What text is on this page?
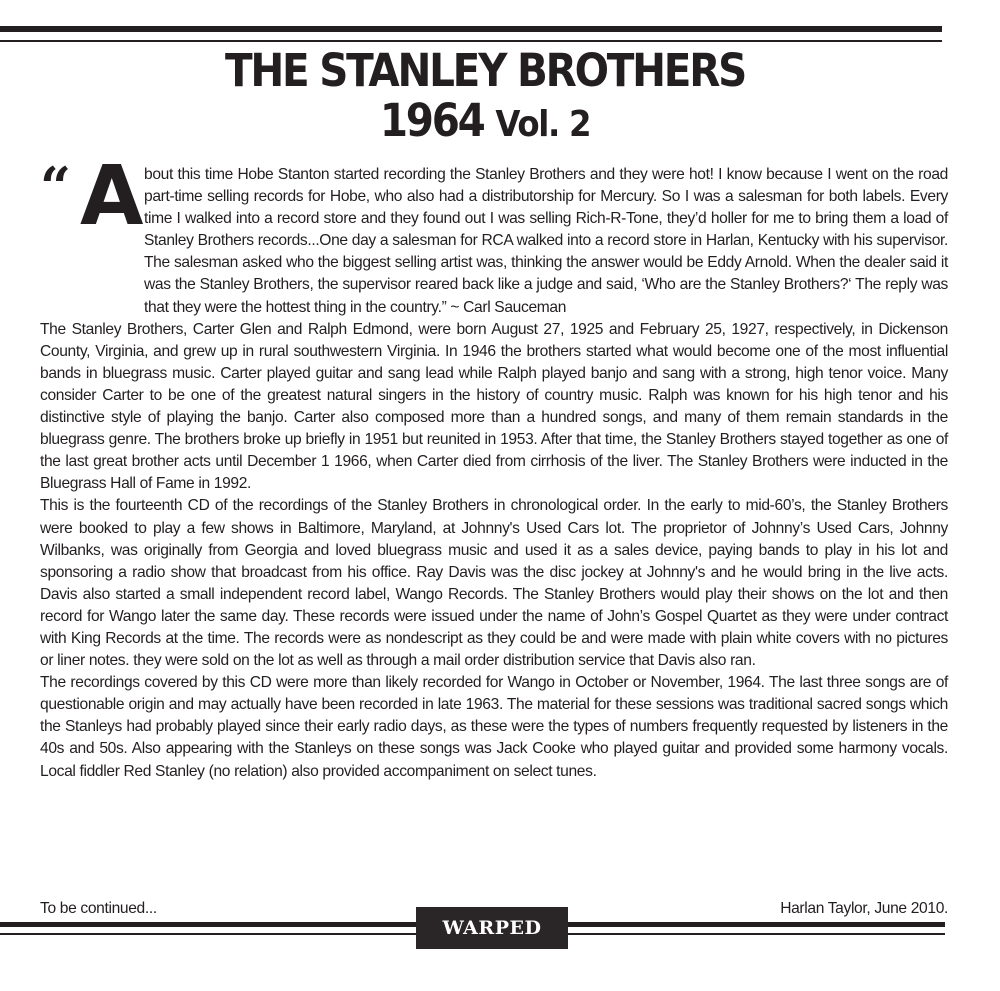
THE STANLEY BROTHERS
1964 Vol. 2
“ A bout this time Hobe Stanton started recording the Stanley Brothers and they were hot! I know because I went on the road part-time selling records for Hobe, who also had a distributorship for Mercury. So I was a salesman for both labels. Every time I walked into a record store and they found out I was selling Rich-R-Tone, they’d holler for me to bring them a load of Stanley Brothers records...One day a salesman for RCA walked into a record store in Harlan, Kentucky with his supervisor. The salesman asked who the biggest selling artist was, thinking the answer would be Eddy Arnold. When the dealer said it was the Stanley Brothers, the supervisor reared back like a judge and said, ‘Who are the Stanley Brothers?‘ The reply was that they were the hottest thing in the country.” ~ Carl Sauceman

The Stanley Brothers, Carter Glen and Ralph Edmond, were born August 27, 1925 and February 25, 1927, respectively, in Dickenson County, Virginia, and grew up in rural southwestern Virginia. In 1946 the brothers started what would become one of the most influential bands in bluegrass music. Carter played guitar and sang lead while Ralph played banjo and sang with a strong, high tenor voice. Many consider Carter to be one of the greatest natural singers in the history of country music. Ralph was known for his high tenor and his distinctive style of playing the banjo. Carter also composed more than a hundred songs, and many of them remain standards in the bluegrass genre. The brothers broke up briefly in 1951 but reunited in 1953. After that time, the Stanley Brothers stayed together as one of the last great brother acts until December 1 1966, when Carter died from cirrhosis of the liver. The Stanley Brothers were inducted in the Bluegrass Hall of Fame in 1992.

This is the fourteenth CD of the recordings of the Stanley Brothers in chronological order. In the early to mid-60’s, the Stanley Brothers were booked to play a few shows in Baltimore, Maryland, at Johnny's Used Cars lot. The proprietor of Johnny’s Used Cars, Johnny Wilbanks, was originally from Georgia and loved bluegrass music and used it as a sales device, paying bands to play in his lot and sponsoring a radio show that broadcast from his office. Ray Davis was the disc jockey at Johnny's and he would bring in the live acts. Davis also started a small independent record label, Wango Records. The Stanley Brothers would play their shows on the lot and then record for Wango later the same day. These records were issued under the name of John’s Gospel Quartet as they were under contract with King Records at the time. The records were as nondescript as they could be and were made with plain white covers with no pictures or liner notes. they were sold on the lot as well as through a mail order distribution service that Davis also ran.

The recordings covered by this CD were more than likely recorded for Wango in October or November, 1964. The last three songs are of questionable origin and may actually have been recorded in late 1963. The material for these sessions was traditional sacred songs which the Stanleys had probably played since their early radio days, as these were the types of numbers frequently requested by listeners in the 40s and 50s. Also appearing with the Stanleys on these songs was Jack Cooke who played guitar and provided some harmony vocals. Local fiddler Red Stanley (no relation) also provided accompaniment on select tunes.

To be continued...	Harlan Taylor, June 2010.
WARPED 6478
